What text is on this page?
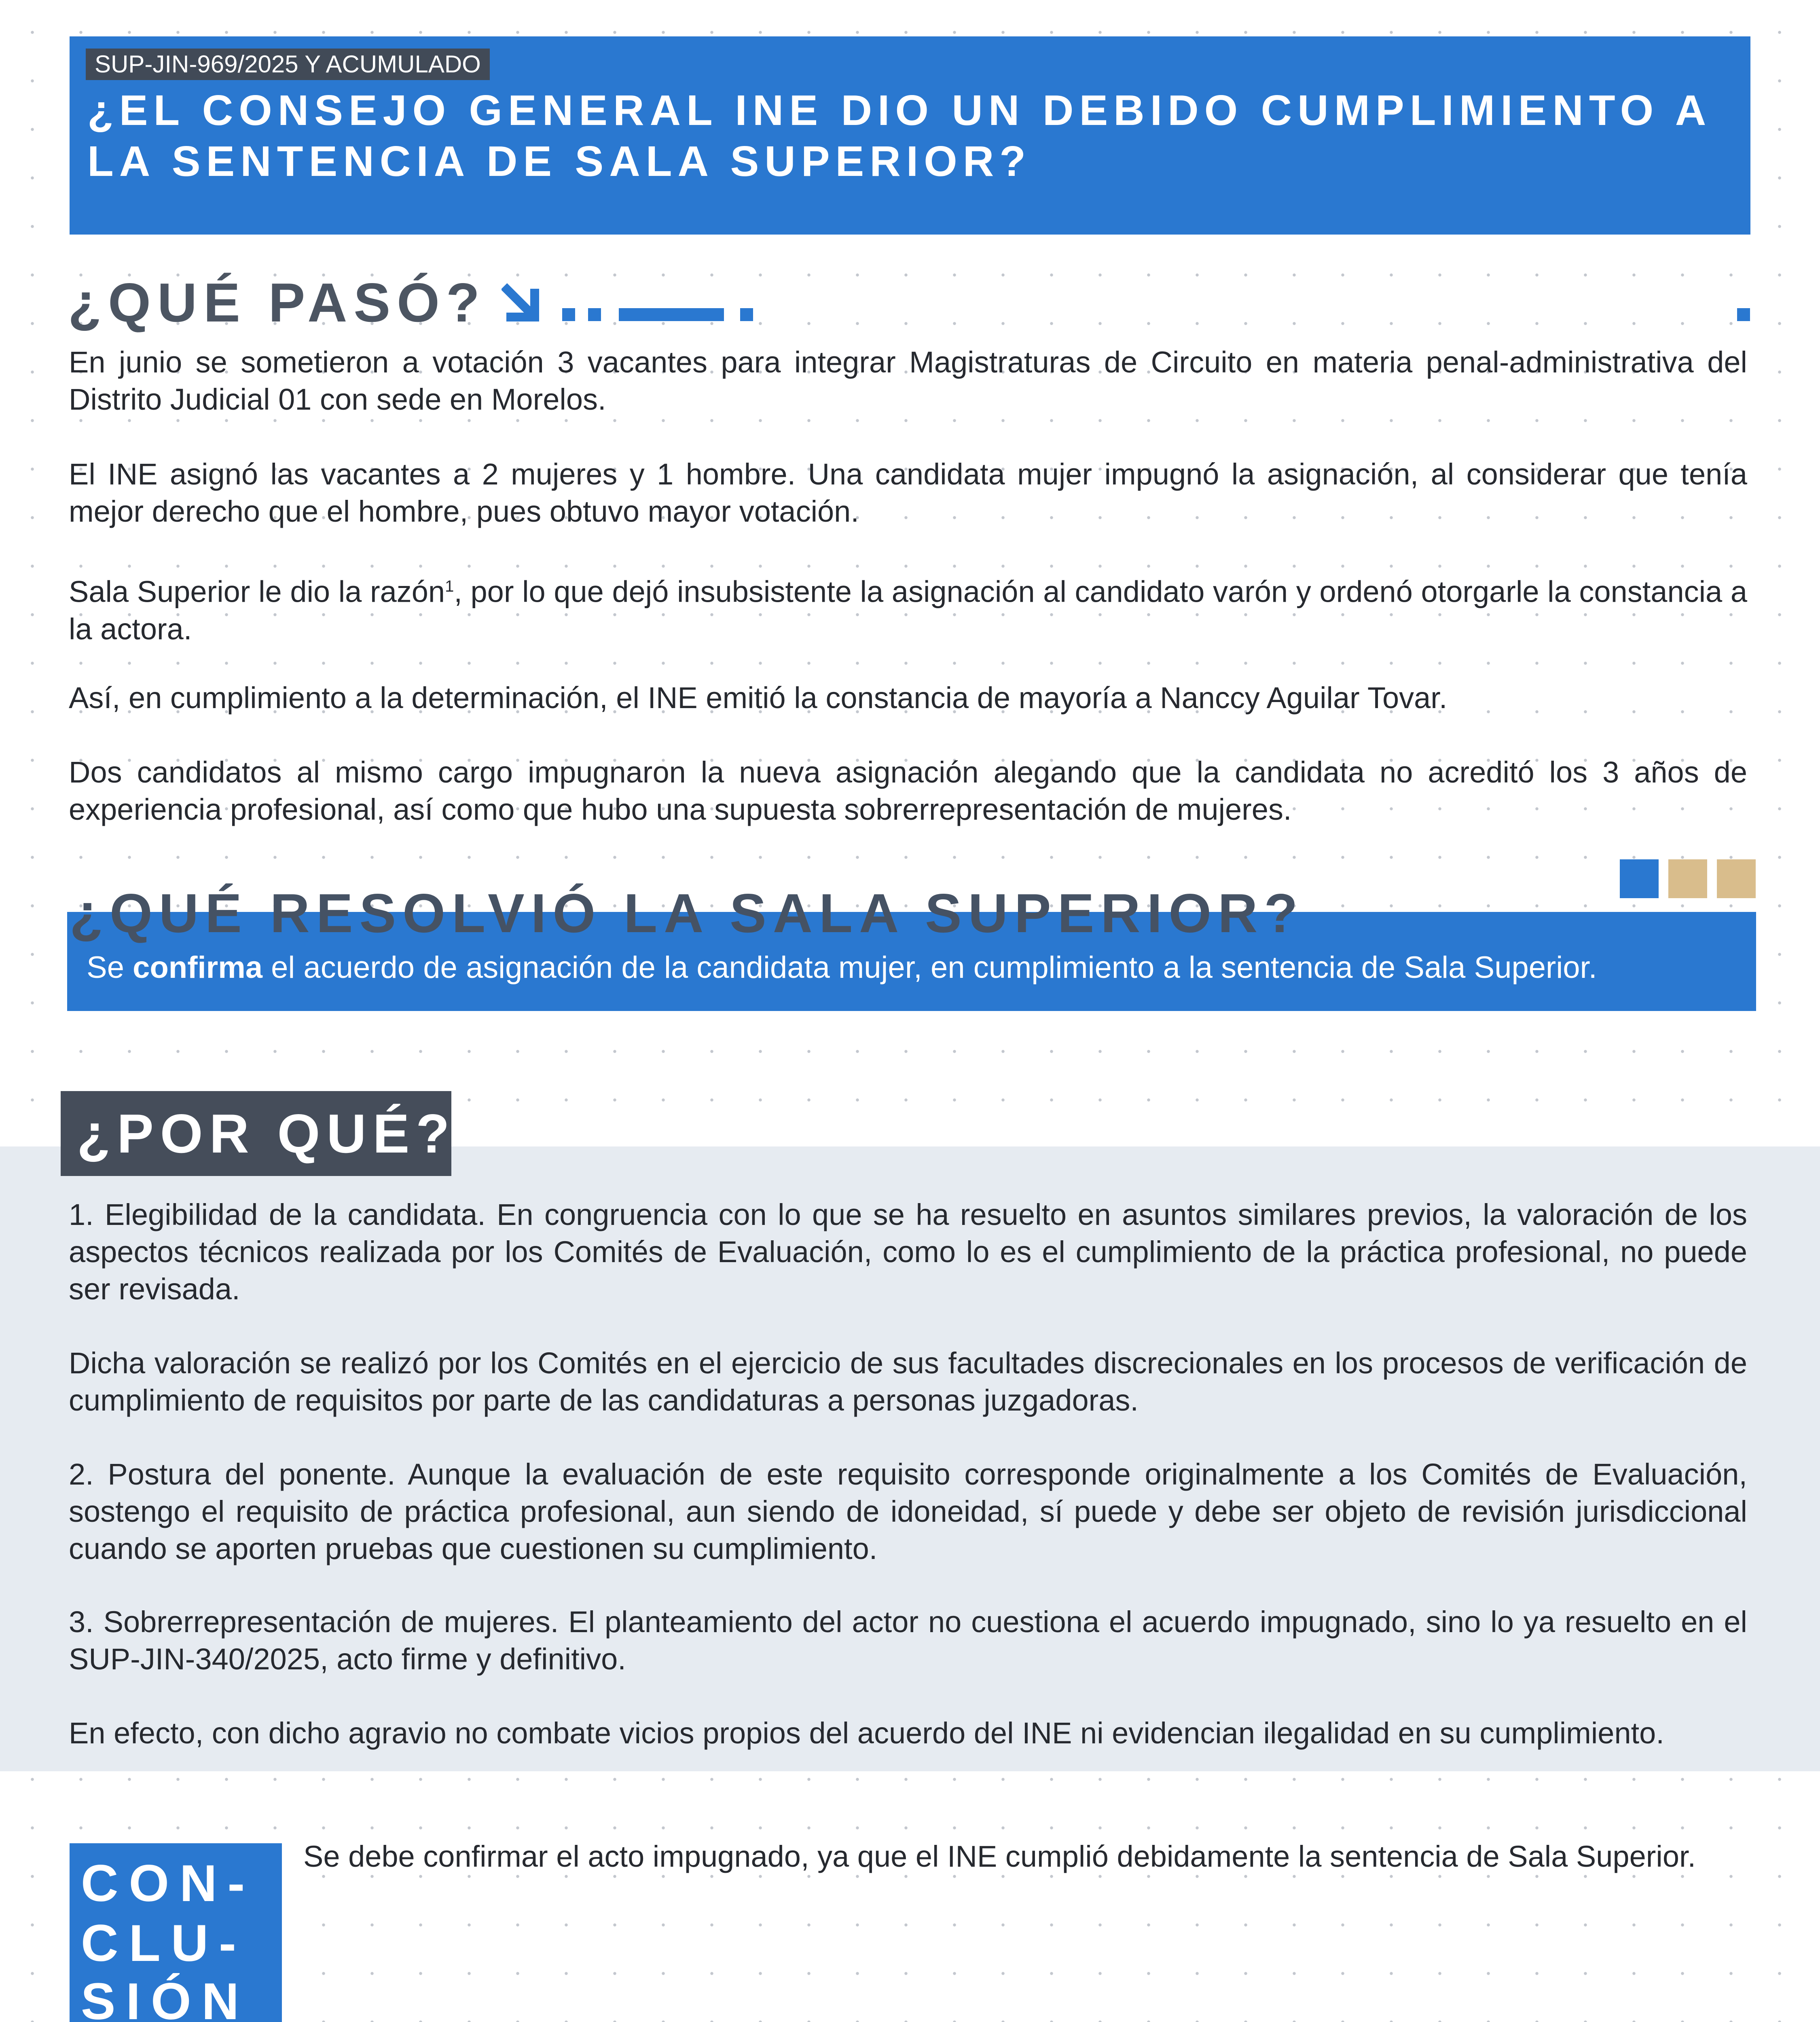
SUP-JIN-969/2025 Y ACUMULADO
¿EL CONSEJO GENERAL INE DIO UN DEBIDO CUMPLIMIENTO A LA SENTENCIA DE SALA SUPERIOR?
¿QUÉ PASÓ?

En junio se sometieron a votación 3 vacantes para integrar Magistraturas de Circuito en materia penal-administrativa del Distrito Judicial 01 con sede en Morelos.

El INE asignó las vacantes a 2 mujeres y 1 hombre. Una candidata mujer impugnó la asignación, al considerar que tenía mejor derecho que el hombre, pues obtuvo mayor votación.

Sala Superior le dio la razón$^1$, por lo que dejó insubsistente la asignación al candidato varón y ordenó otorgarle la constancia a la actora.

Así, en cumplimiento a la determinación, el INE emitió la constancia de mayoría a Nanccy Aguilar Tovar.

Dos candidatos al mismo cargo impugnaron la nueva asignación alegando que la candidata no acreditó los 3 años de experiencia profesional, así como que hubo una supuesta sobrerrepresentación de mujeres.

Se confirma el acuerdo de asignación de la candidata mujer, en cumplimiento a la sentencia de Sala Superior.

¿QUÉ RESOLVIÓ LA SALA SUPERIOR?
¿POR QUÉ?

1. Elegibilidad de la candidata. En congruencia con lo que se ha resuelto en asuntos similares previos, la valoración de los aspectos técnicos realizada por los Comités de Evaluación, como lo es el cumplimiento de la práctica profesional, no puede ser revisada.

Dicha valoración se realizó por los Comités en el ejercicio de sus facultades discrecionales en los procesos de verificación de cumplimiento de requisitos por parte de las candidaturas a personas juzgadoras.

2. Postura del ponente. Aunque la evaluación de este requisito corresponde originalmente a los Comités de Evaluación, sostengo el requisito de práctica profesional, aun siendo de idoneidad, sí puede y debe ser objeto de revisión jurisdiccional cuando se aporten pruebas que cuestionen su cumplimiento.

3. Sobrerrepresentación de mujeres. El planteamiento del actor no cuestiona el acuerdo impugnado, sino lo ya resuelto en el SUP-JIN-340/2025, acto firme y definitivo.

En efecto, con dicho agravio no combate vicios propios del acuerdo del INE ni evidencian ilegalidad en su cumplimiento.

CON-
CLU-
SIÓN

Se debe confirmar el acto impugnado, ya que el INE cumplió debidamente la sentencia de Sala Superior.
